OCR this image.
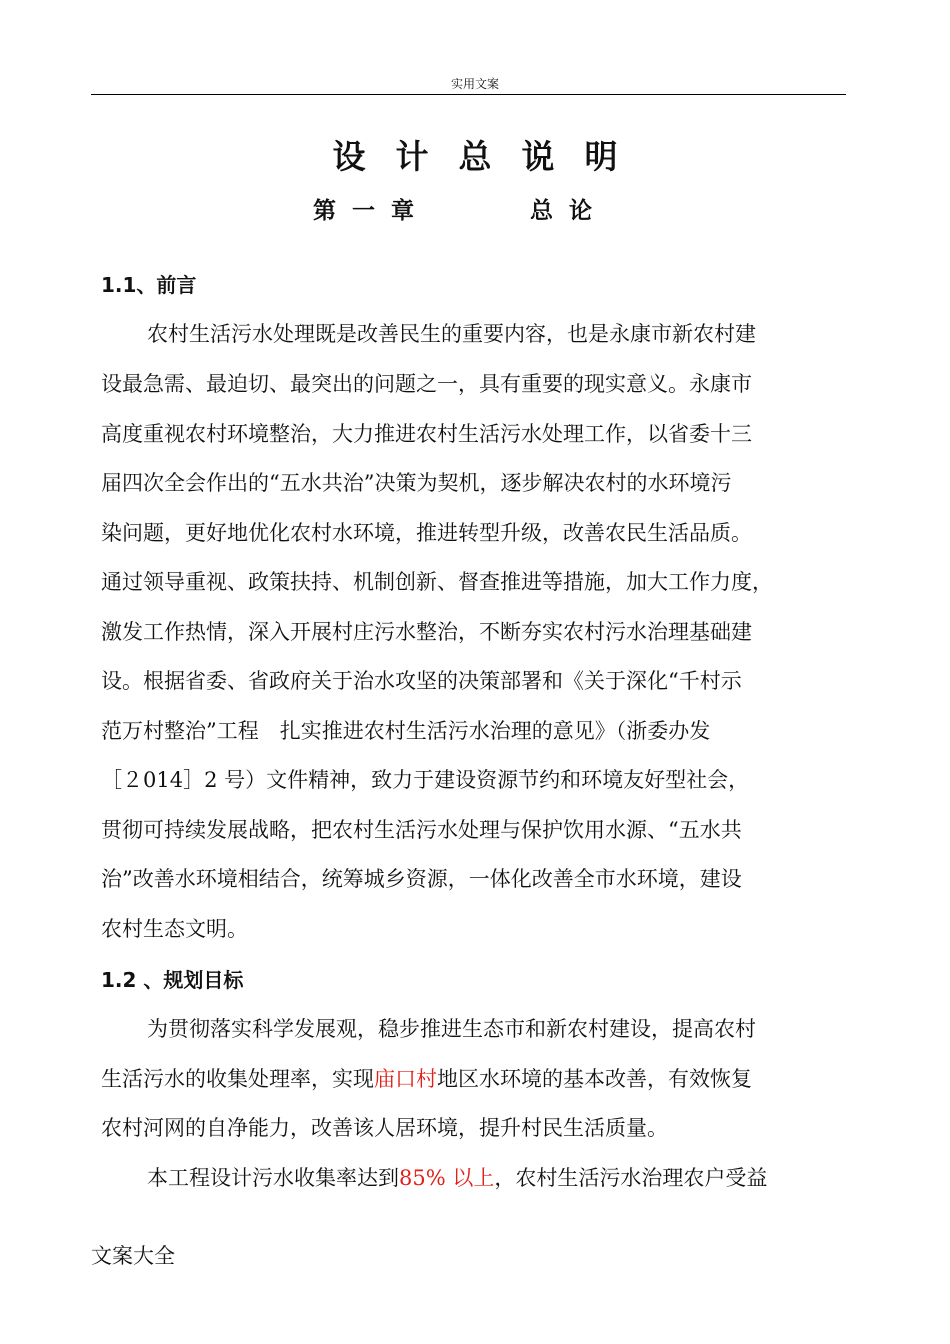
实用文案
设计总说明
第一章	总论
1.1、前言
农村生活污水处理既是改善民生的重要内容，也是永康市新农村建
设最急需、最迫切、最突出的问题之一，具有重要的现实意义。永康市
高度重视农村环境整治，大力推进农村生活污水处理工作，以省委十三
届四次全会作出的“五水共治”决策为契机，逐步解决农村的水环境污
染问题，更好地优化农村水环境，推进转型升级，改善农民生活品质。
通过领导重视、政策扶持、机制创新、督查推进等措施，加大工作力度，
激发工作热情，深入开展村庄污水整治，不断夯实农村污水治理基础建
设。根据省委、省政府关于治水攻坚的决策部署和《关于深化“千村示
范万村整治”工程　扎实推进农村生活污水治理的意见》（浙委办发
［２014］2 号）文件精神，致力于建设资源节约和环境友好型社会，
贯彻可持续发展战略，把农村生活污水处理与保护饮用水源、“五水共
治”改善水环境相结合，统筹城乡资源，一体化改善全市水环境，建设
农村生态文明。
1.2 、规划目标
为贯彻落实科学发展观，稳步推进生态市和新农村建设，提高农村
生活污水的收集处理率，实现庙口村地区水环境的基本改善，有效恢复
农村河网的自净能力，改善该人居环境，提升村民生活质量。
本工程设计污水收集率达到85% 以上，农村生活污水治理农户受益
文案大全
